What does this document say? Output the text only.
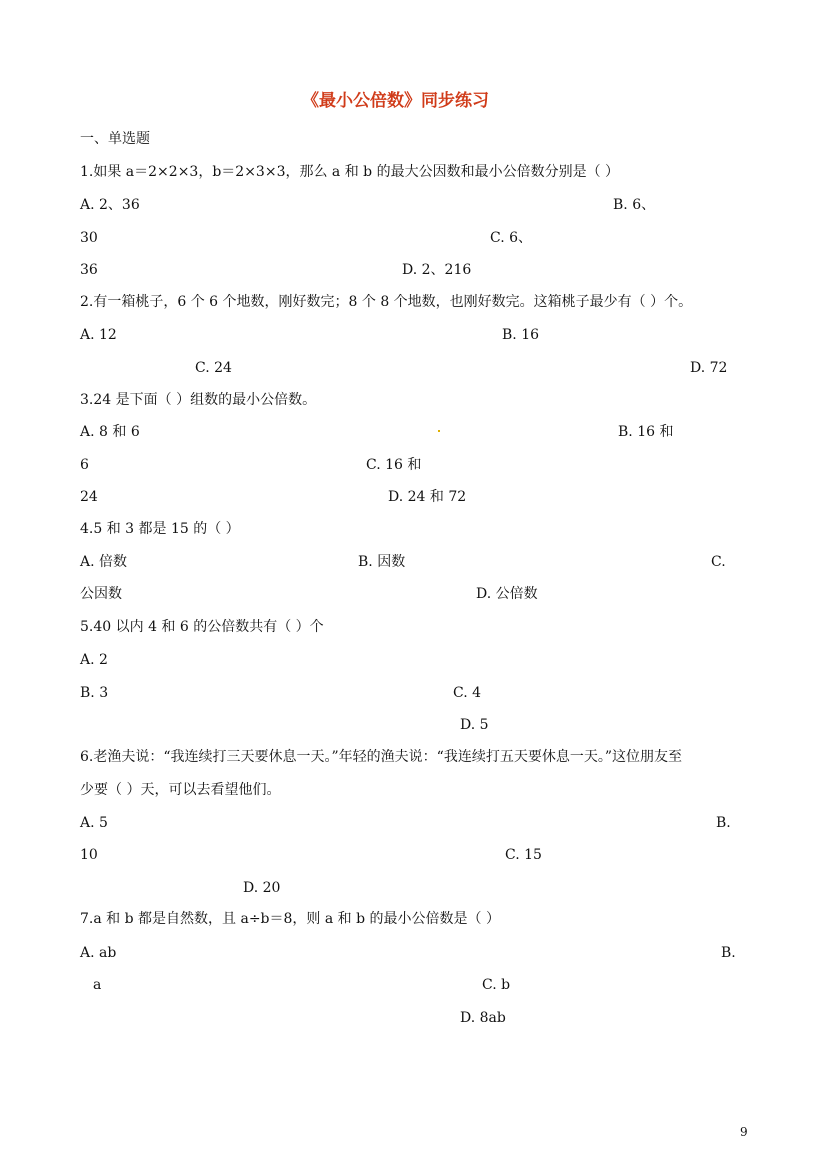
《最小公倍数》同步练习
一、单选题
1.如果 a＝2×2×3，b＝2×3×3，那么 a 和 b 的最大公因数和最小公倍数分别是（ ）
A. 2、36	B. 6、
30	C. 6、
36	D. 2、216
2.有一箱桃子，6 个 6 个地数，刚好数完；8 个 8 个地数，也刚好数完。这箱桃子最少有（ ）个。
A. 12	B. 16
C. 24	D. 72
3.24 是下面（ ）组数的最小公倍数。
A. 8 和 6	B. 16 和
6	C. 16 和
24	D. 24 和 72
4.5 和 3 都是 15 的（ ）
A. 倍数	B. 因数	C.
公因数	D. 公倍数
5.40 以内 4 和 6 的公倍数共有（ ）个
A. 2
B. 3	C. 4
D. 5
6.老渔夫说：“我连续打三天要休息一天。”年轻的渔夫说：“我连续打五天要休息一天。”这位朋友至
少要（ ）天，可以去看望他们。
A. 5	B.
10	C. 15
D. 20
7.a 和 b 都是自然数，且 a÷b＝8，则 a 和 b 的最小公倍数是（ ）
A. ab	B.
a	C. b
D. 8ab
9
